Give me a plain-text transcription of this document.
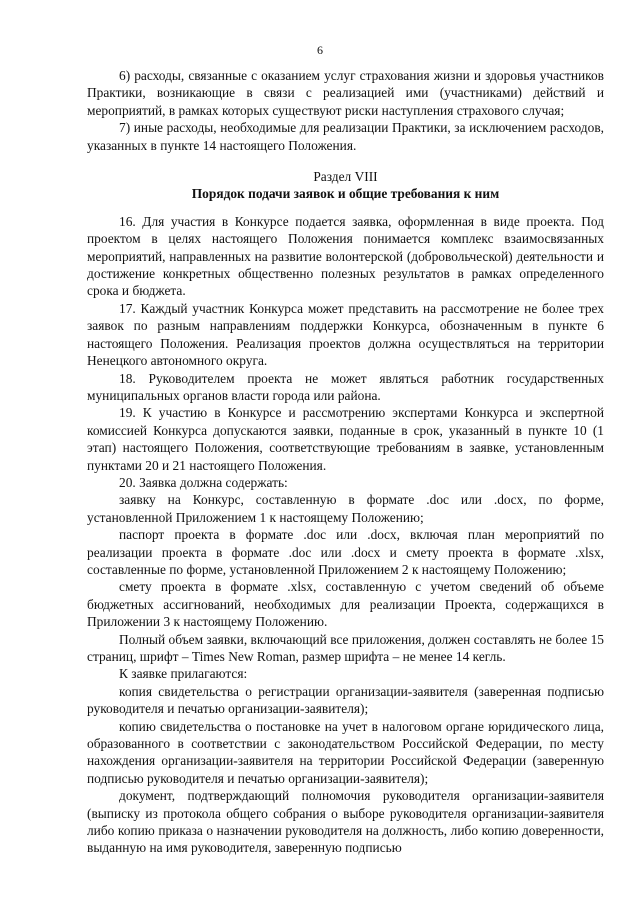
6

6) расходы, связанные с оказанием услуг страхования жизни и здоровья участников Практики, возникающие в связи с реализацией ими (участниками) действий и мероприятий, в рамках которых существуют риски наступления страхового случая;

7) иные расходы, необходимые для реализации Практики, за исключением расходов, указанных в пункте 14 настоящего Положения.

Раздел VIII

Порядок подачи заявок и общие требования к ним

16. Для участия в Конкурсе подается заявка, оформленная в виде проекта. Под проектом в целях настоящего Положения понимается комплекс взаимосвязанных мероприятий, направленных на развитие волонтерской (добровольческой) деятельности и достижение конкретных общественно полезных результатов в рамках определенного срока и бюджета.

17. Каждый участник Конкурса может представить на рассмотрение не более трех заявок по разным направлениям поддержки Конкурса, обозначенным в пункте 6 настоящего Положения. Реализация проектов должна осуществляться на территории Ненецкого автономного округа.

18. Руководителем проекта не может являться работник государственных муниципальных органов власти города или района.

19. К участию в Конкурсе и рассмотрению экспертами Конкурса и экспертной комиссией Конкурса допускаются заявки, поданные в срок, указанный в пункте 10 (1 этап) настоящего Положения, соответствующие требованиям в заявке, установленным пунктами 20 и 21 настоящего Положения.

20. Заявка должна содержать:

заявку на Конкурс, составленную в формате .doc или .docx, по форме, установленной Приложением 1 к настоящему Положению;

паспорт проекта в формате .doc или .docx, включая план мероприятий по реализации проекта в формате .doc или .docx и смету проекта в формате .xlsx, составленные по форме, установленной Приложением 2 к настоящему Положению;

смету проекта в формате .xlsx, составленную с учетом сведений об объеме бюджетных ассигнований, необходимых для реализации Проекта, содержащихся в Приложении 3 к настоящему Положению.

Полный объем заявки, включающий все приложения, должен составлять не более 15 страниц, шрифт – Times New Roman, размер шрифта – не менее 14 кегль.

К заявке прилагаются:

копия свидетельства о регистрации организации-заявителя (заверенная подписью руководителя и печатью организации-заявителя);

копию свидетельства о постановке на учет в налоговом органе юридического лица, образованного в соответствии с законодательством Российской Федерации, по месту нахождения организации-заявителя на территории Российской Федерации (заверенную подписью руководителя и печатью организации-заявителя);

документ, подтверждающий полномочия руководителя организации-заявителя (выписку из протокола общего собрания о выборе руководителя организации-заявителя либо копию приказа о назначении руководителя на должность, либо копию доверенности, выданную на имя руководителя, заверенную подписью
